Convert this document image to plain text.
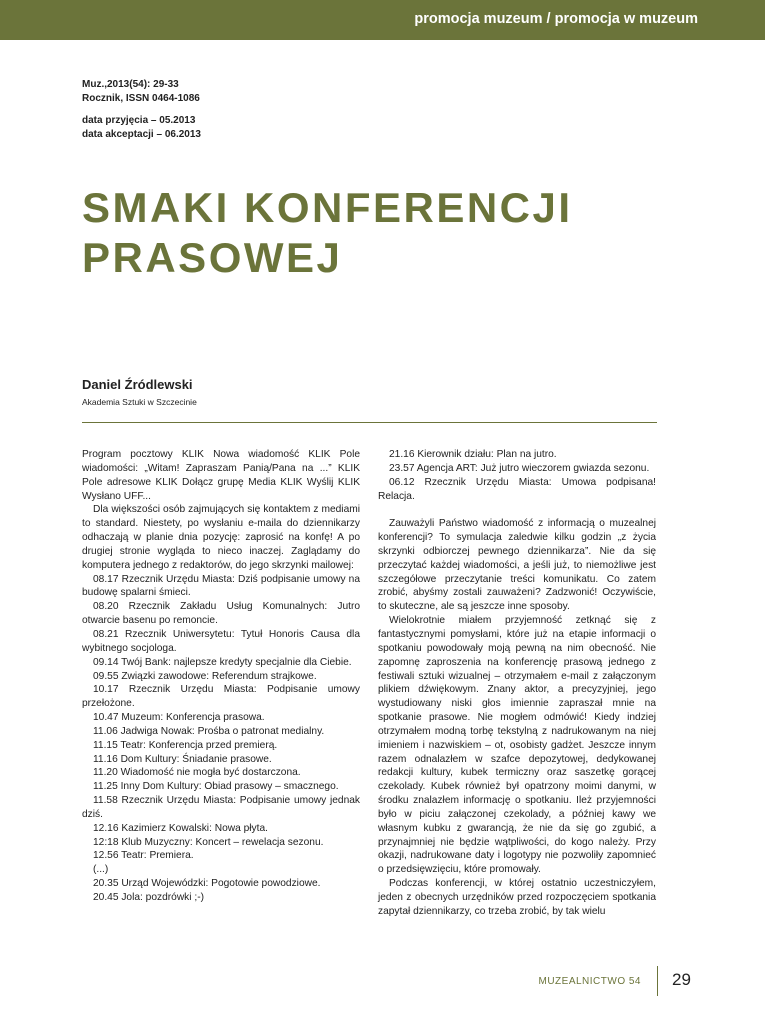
promocja muzeum / promocja w muzeum
Muz.,2013(54): 29-33
Rocznik, ISSN 0464-1086
data przyjęcia – 05.2013
data akceptacji – 06.2013
SMAKI KONFERENCJI
PRASOWEJ
Daniel Źródlewski
Akademia Sztuki w Szczecinie

Program pocztowy KLIK Nowa wiadomość KLIK Pole wiadomości: „Witam! Zapraszam Panią/Pana na ...” KLIK Pole adresowe KLIK Dołącz grupę Media KLIK Wyślij KLIK Wysłano UFF...

Dla większości osób zajmujących się kontaktem z mediami to standard. Niestety, po wysłaniu e-maila do dziennikarzy odhaczają w planie dnia pozycję: zaprosić na konfę! A po drugiej stronie wygląda to nieco inaczej. Zaglądamy do komputera jednego z redaktorów, do jego skrzynki mailowej:

08.17 Rzecznik Urzędu Miasta: Dziś podpisanie umowy na budowę spalarni śmieci.

08.20 Rzecznik Zakładu Usług Komunalnych: Jutro otwarcie basenu po remoncie.

08.21 Rzecznik Uniwersytetu: Tytuł Honoris Causa dla wybitnego socjologa.

09.14 Twój Bank: najlepsze kredyty specjalnie dla Ciebie.

09.55 Związki zawodowe: Referendum strajkowe.

10.17 Rzecznik Urzędu Miasta: Podpisanie umowy przełożone.

10.47 Muzeum: Konferencja prasowa.

11.06 Jadwiga Nowak: Prośba o patronat medialny.

11.15 Teatr: Konferencja przed premierą.

11.16 Dom Kultury: Śniadanie prasowe.

11.20 Wiadomość nie mogła być dostarczona.

11.25 Inny Dom Kultury: Obiad prasowy – smacznego.

11.58 Rzecznik Urzędu Miasta: Podpisanie umowy jednak dziś.

12.16 Kazimierz Kowalski: Nowa płyta.

12:18 Klub Muzyczny: Koncert – rewelacja sezonu.

12.56 Teatr: Premiera.

(...)

20.35 Urząd Wojewódzki: Pogotowie powodziowe.

20.45 Jola: pozdrówki ;-)

21.16 Kierownik działu: Plan na jutro.

23.57 Agencja ART: Już jutro wieczorem gwiazda sezonu.

06.12 Rzecznik Urzędu Miasta: Umowa podpisana! Relacja.

Zauważyli Państwo wiadomość z informacją o muzealnej konferencji? To symulacja zaledwie kilku godzin „z życia skrzynki odbiorczej pewnego dziennikarza”. Nie da się przeczytać każdej wiadomości, a jeśli już, to niemożliwe jest szczegółowe przeczytanie treści komunikatu. Co zatem zrobić, abyśmy zostali zauważeni? Zadzwonić! Oczywiście, to skuteczne, ale są jeszcze inne sposoby.

Wielokrotnie miałem przyjemność zetknąć się z fantastycznymi pomysłami, które już na etapie informacji o spotkaniu powodowały moją pewną na nim obecność. Nie zapomnę zaproszenia na konferencję prasową jednego z festiwali sztuki wizualnej – otrzymałem e-mail z załączonym plikiem dźwiękowym. Znany aktor, a precyzyjniej, jego wystudiowany niski głos imiennie zapraszał mnie na spotkanie prasowe. Nie mogłem odmówić! Kiedy indziej otrzymałem modną torbę tekstylną z nadrukowanym na niej imieniem i nazwiskiem – ot, osobisty gadżet. Jeszcze innym razem odnalazłem w szafce depozytowej, dedykowanej redakcji kultury, kubek termiczny oraz saszetkę gorącej czekolady. Kubek również był opatrzony moimi danymi, w środku znalazłem informację o spotkaniu. Ileż przyjemności było w piciu załączonej czekolady, a później kawy we własnym kubku z gwarancją, że nie da się go zgubić, a przynajmniej nie będzie wątpliwości, do kogo należy. Przy okazji, nadrukowane daty i logotypy nie pozwoliły zapomnieć o przedsięwzięciu, które promowały.

Podczas konferencji, w której ostatnio uczestniczyłem, jeden z obecnych urzędników przed rozpoczęciem spotkania zapytał dziennikarzy, co trzeba zrobić, by tak wielu

MUZEALNICTWO 54 29
